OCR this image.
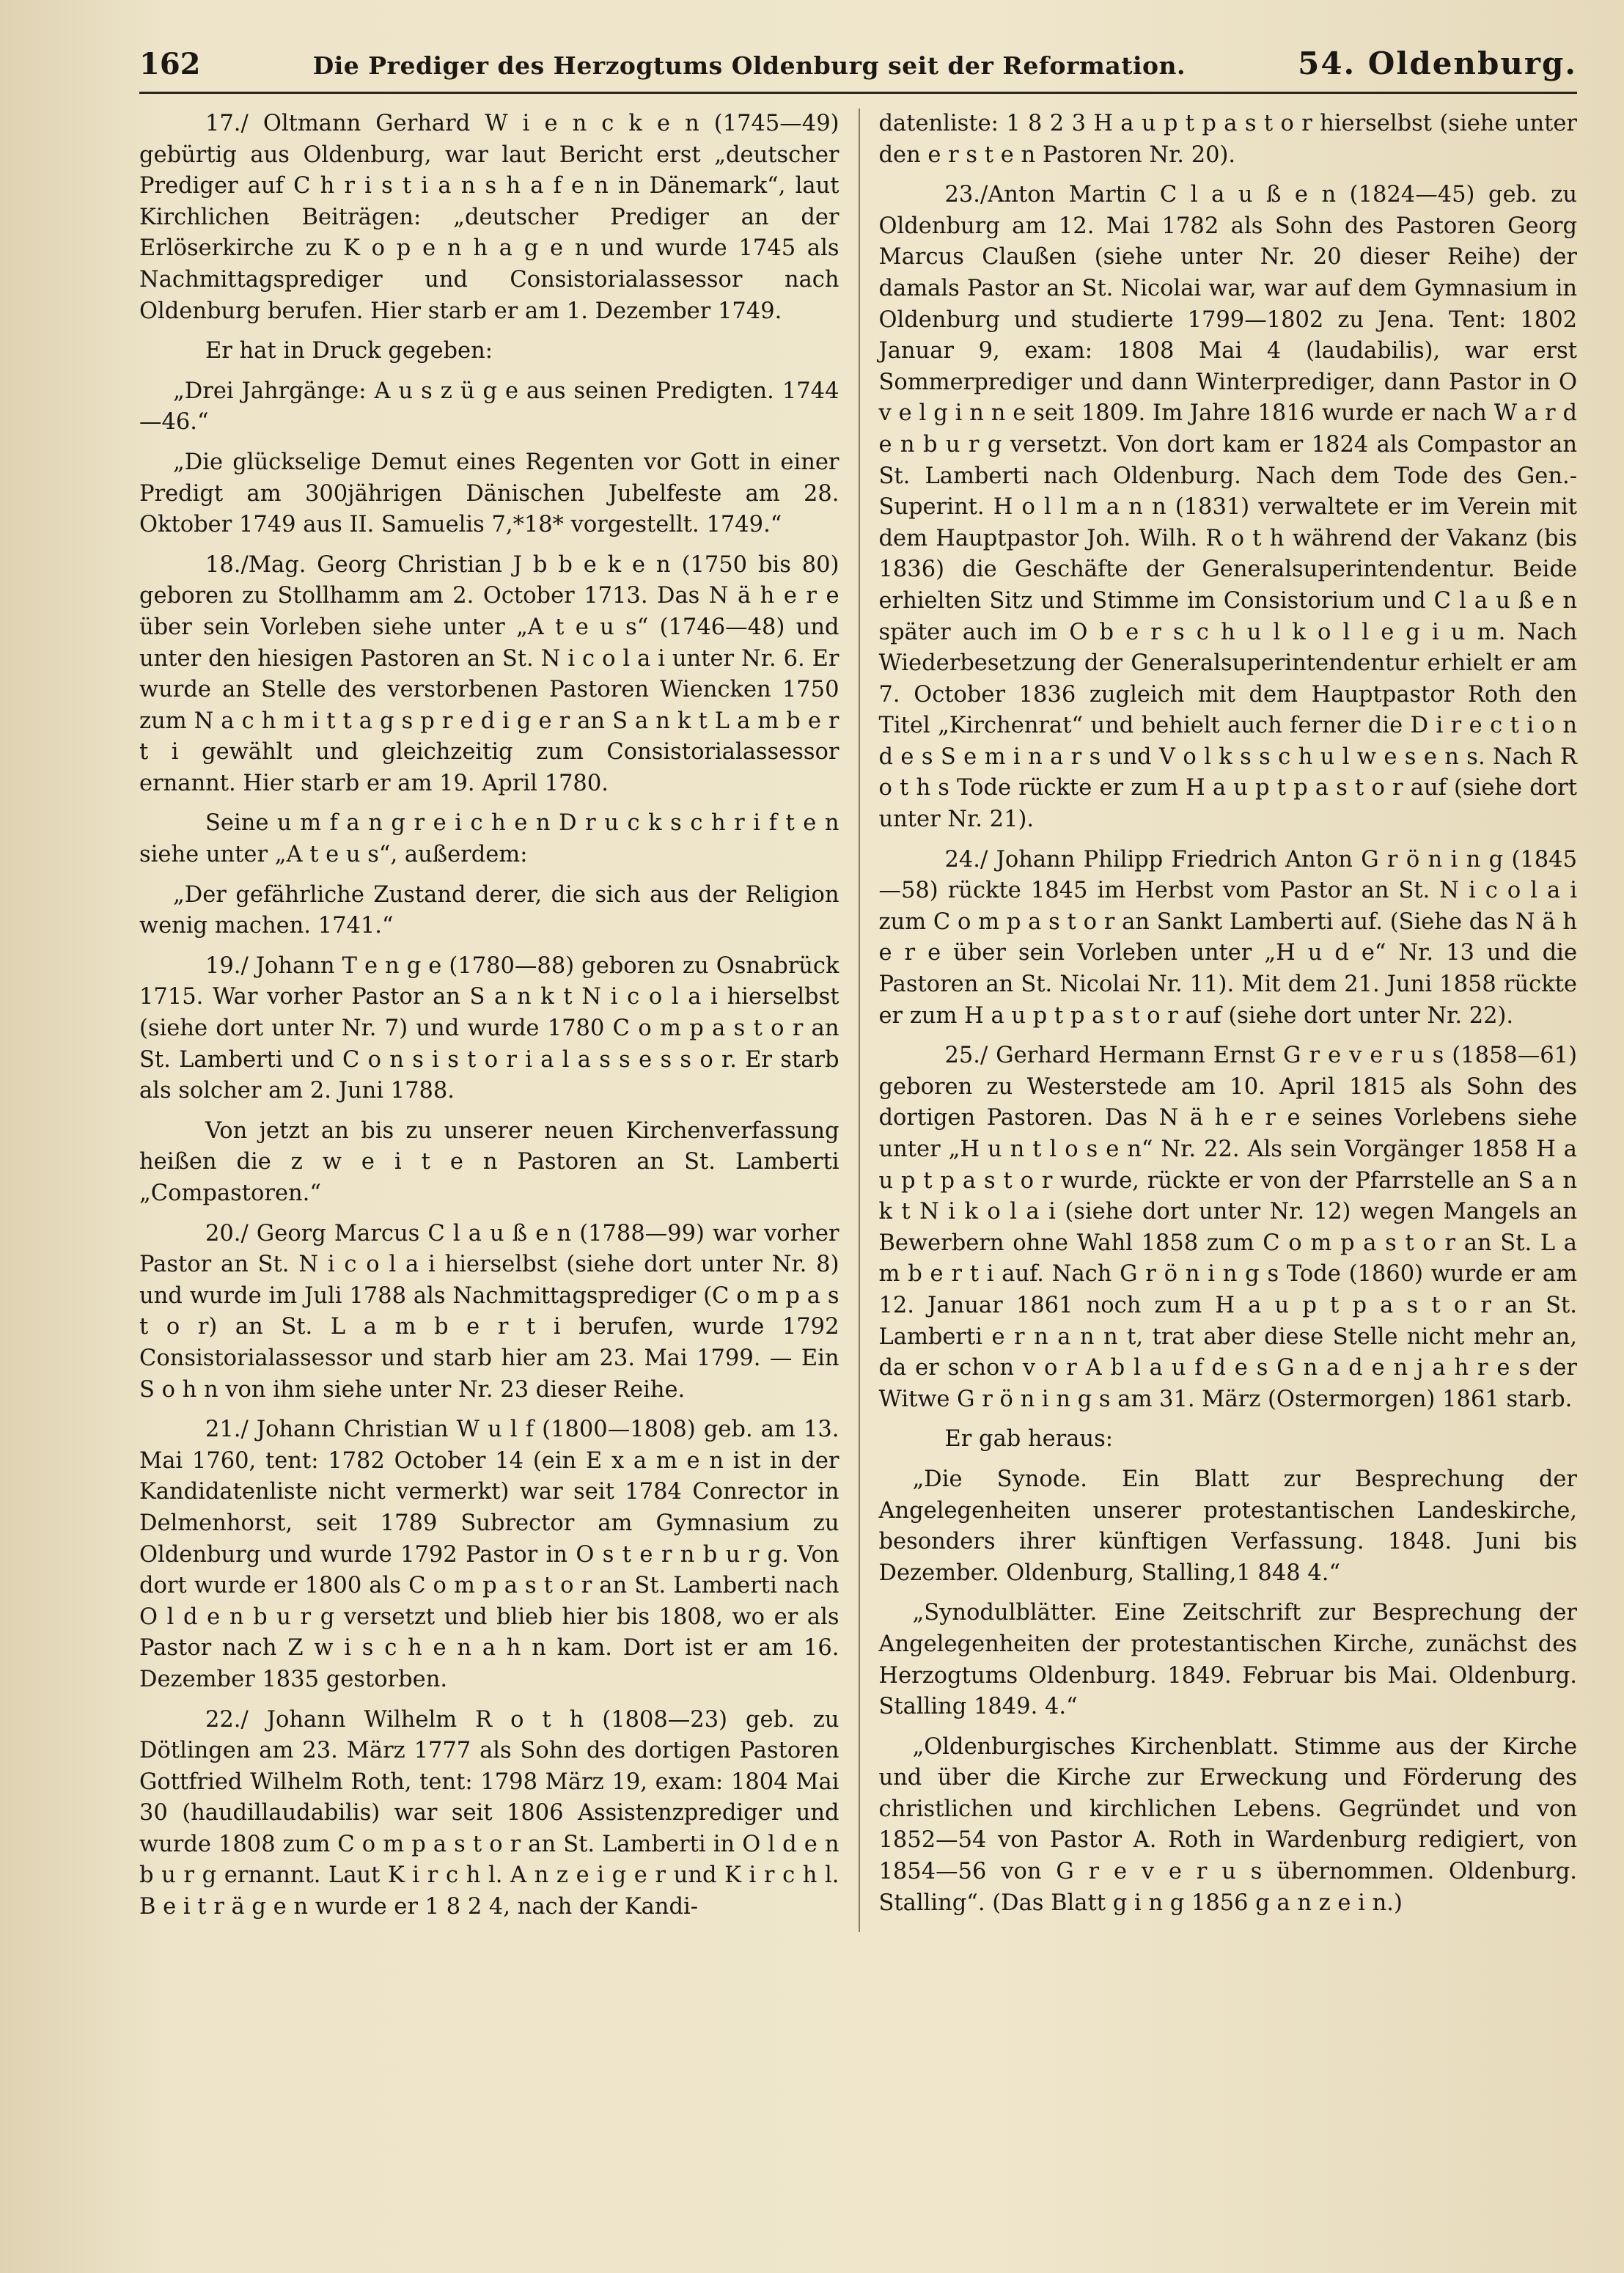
162	Die Prediger des Herzogtums Oldenburg seit der Reformation.	54. Oldenburg.

17./ Oltmann Gerhard W i e n c k e n (1745—49) gebürtig aus Oldenburg, war laut Bericht erst „deutscher Prediger auf C h r i s t i a n s h a f e n in Dänemark“, laut Kirchlichen Beiträgen: „deutscher Prediger an der Erlöserkirche zu K o p e n h a g e n und wurde 1745 als Nachmittagsprediger und Consistorialassessor nach Oldenburg berufen. Hier starb er am 1. Dezember 1749.

Er hat in Druck gegeben:

„Drei Jahrgänge: A u s z ü g e aus seinen Predigten. 1744—46.“

„Die glückselige Demut eines Regenten vor Gott in einer Predigt am 300jährigen Dänischen Jubelfeste am 28. Oktober 1749 aus II. Samuelis 7,*18* vorgestellt. 1749.“

18./Mag. Georg Christian J b b e k e n (1750 bis 80) geboren zu Stollhamm am 2. October 1713. Das N ä h e r e über sein Vorleben siehe unter „A t e u s“ (1746—48) und unter den hiesigen Pastoren an St. N i c o l a i unter Nr. 6. Er wurde an Stelle des verstorbenen Pastoren Wiencken 1750 zum N a c h m i t t a g s p r e d i g e r an S a n k t L a m b e r t i gewählt und gleichzeitig zum Consistorialassessor ernannt. Hier starb er am 19. April 1780.

Seine u m f a n g r e i c h e n D r u c k s c h r i f t e n siehe unter „A t e u s“, außerdem:

„Der gefährliche Zustand derer, die sich aus der Religion wenig machen. 1741.“

19./ Johann T e n g e (1780—88) geboren zu Osnabrück 1715. War vorher Pastor an S a n k t N i c o l a i hierselbst (siehe dort unter Nr. 7) und wurde 1780 C o m p a s t o r an St. Lamberti und C o n s i s t o r i a l a s s e s s o r. Er starb als solcher am 2. Juni 1788.

Von jetzt an bis zu unserer neuen Kirchenverfassung heißen die z w e i t e n Pastoren an St. Lamberti „Compastoren.“

20./ Georg Marcus C l a u ß e n (1788—99) war vorher Pastor an St. N i c o l a i hierselbst (siehe dort unter Nr. 8) und wurde im Juli 1788 als Nachmittagsprediger (C o m p a s t o r) an St. L a m b e r t i berufen, wurde 1792 Consistorialassessor und starb hier am 23. Mai 1799. — Ein S o h n von ihm siehe unter Nr. 23 dieser Reihe.

21./ Johann Christian W u l f (1800—1808) geb. am 13. Mai 1760, tent: 1782 October 14 (ein E x a m e n ist in der Kandidatenliste nicht vermerkt) war seit 1784 Conrector in Delmenhorst, seit 1789 Subrector am Gymnasium zu Oldenburg und wurde 1792 Pastor in O s t e r n b u r g. Von dort wurde er 1800 als C o m p a s t o r an St. Lamberti nach O l d e n b u r g versetzt und blieb hier bis 1808, wo er als Pastor nach Z w i s c h e n a h n kam. Dort ist er am 16. Dezember 1835 gestorben.

22./ Johann Wilhelm R o t h (1808—23) geb. zu Dötlingen am 23. März 1777 als Sohn des dortigen Pastoren Gottfried Wilhelm Roth, tent: 1798 März 19, exam: 1804 Mai 30 (haudillaudabilis) war seit 1806 Assistenzprediger und wurde 1808 zum C o m p a s t o r an St. Lamberti in O l d e n b u r g ernannt. Laut K i r c h l. A n z e i g e r und K i r c h l. B e i t r ä g e n wurde er 1 8 2 4, nach der Kandi-

datenliste: 1 8 2 3 H a u p t p a s t o r hierselbst (siehe unter den e r s t e n Pastoren Nr. 20).

23./Anton Martin C l a u ß e n (1824—45) geb. zu Oldenburg am 12. Mai 1782 als Sohn des Pastoren Georg Marcus Claußen (siehe unter Nr. 20 dieser Reihe) der damals Pastor an St. Nicolai war, war auf dem Gymnasium in Oldenburg und studierte 1799—1802 zu Jena. Tent: 1802 Januar 9, exam: 1808 Mai 4 (laudabilis), war erst Sommerprediger und dann Winterprediger, dann Pastor in O v e l g i n n e seit 1809. Im Jahre 1816 wurde er nach W a r d e n b u r g versetzt. Von dort kam er 1824 als Compastor an St. Lamberti nach Oldenburg. Nach dem Tode des Gen.-Superint. H o l l m a n n (1831) verwaltete er im Verein mit dem Hauptpastor Joh. Wilh. R o t h während der Vakanz (bis 1836) die Geschäfte der Generalsuperintendentur. Beide erhielten Sitz und Stimme im Consistorium und C l a u ß e n später auch im O b e r s c h u l k o l l e g i u m. Nach Wiederbesetzung der Generalsuperintendentur erhielt er am 7. October 1836 zugleich mit dem Hauptpastor Roth den Titel „Kirchenrat“ und behielt auch ferner die D i r e c t i o n d e s S e m i n a r s und V o l k s s c h u l w e s e n s. Nach R o t h s Tode rückte er zum H a u p t p a s t o r auf (siehe dort unter Nr. 21).

24./ Johann Philipp Friedrich Anton G r ö n i n g (1845—58) rückte 1845 im Herbst vom Pastor an St. N i c o l a i zum C o m p a s t o r an Sankt Lamberti auf. (Siehe das N ä h e r e über sein Vorleben unter „H u d e“ Nr. 13 und die Pastoren an St. Nicolai Nr. 11). Mit dem 21. Juni 1858 rückte er zum H a u p t p a s t o r auf (siehe dort unter Nr. 22).

25./ Gerhard Hermann Ernst G r e v e r u s (1858—61) geboren zu Westerstede am 10. April 1815 als Sohn des dortigen Pastoren. Das N ä h e r e seines Vorlebens siehe unter „H u n t l o s e n“ Nr. 22. Als sein Vorgänger 1858 H a u p t p a s t o r wurde, rückte er von der Pfarrstelle an S a n k t N i k o l a i (siehe dort unter Nr. 12) wegen Mangels an Bewerbern ohne Wahl 1858 zum C o m p a s t o r an St. L a m b e r t i auf. Nach G r ö n i n g s Tode (1860) wurde er am 12. Januar 1861 noch zum H a u p t p a s t o r an St. Lamberti e r n a n n t, trat aber diese Stelle nicht mehr an, da er schon v o r A b l a u f d e s G n a d e n j a h r e s der Witwe G r ö n i n g s am 31. März (Ostermorgen) 1861 starb.

Er gab heraus:

„Die Synode. Ein Blatt zur Besprechung der Angelegenheiten unserer protestantischen Landeskirche, besonders ihrer künftigen Verfassung. 1848. Juni bis Dezember. Oldenburg, Stalling,1 848 4.“

„Synodulblätter. Eine Zeitschrift zur Besprechung der Angelegenheiten der protestantischen Kirche, zunächst des Herzogtums Oldenburg. 1849. Februar bis Mai. Oldenburg. Stalling 1849. 4.“

„Oldenburgisches Kirchenblatt. Stimme aus der Kirche und über die Kirche zur Erweckung und Förderung des christlichen und kirchlichen Lebens. Gegründet und von 1852—54 von Pastor A. Roth in Wardenburg redigiert, von 1854—56 von G r e v e r u s übernommen. Oldenburg. Stalling“. (Das Blatt g i n g 1856 g a n z e i n.)
